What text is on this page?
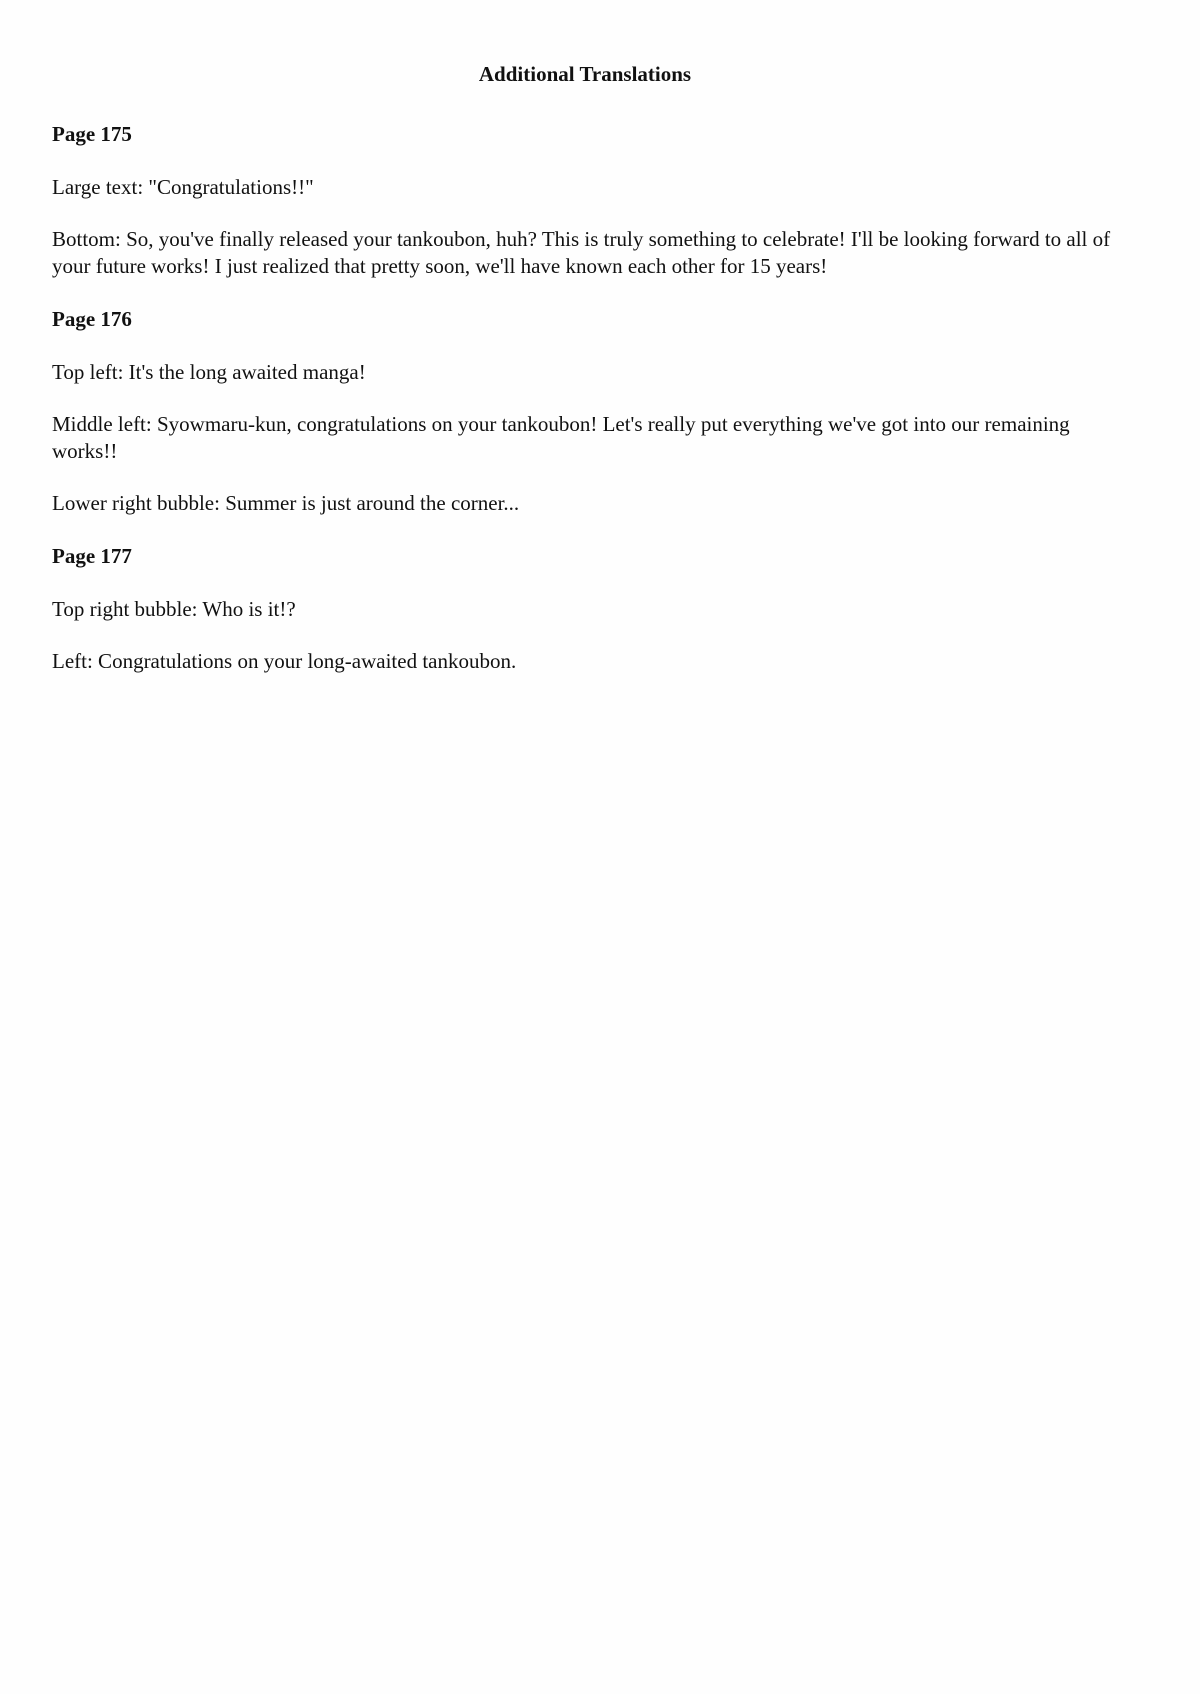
Additional Translations

Page 175

Large text: "Congratulations!!"

Bottom: So, you've finally released your tankoubon, huh? This is truly something to celebrate! I'll be looking forward to all of your future works! I just realized that pretty soon, we'll have known each other for 15 years!

Page 176

Top left: It's the long awaited manga!

Middle left: Syowmaru-kun, congratulations on your tankoubon! Let's really put everything we've got into our remaining works!!

Lower right bubble: Summer is just around the corner...

Page 177

Top right bubble: Who is it!?

Left: Congratulations on your long-awaited tankoubon.
